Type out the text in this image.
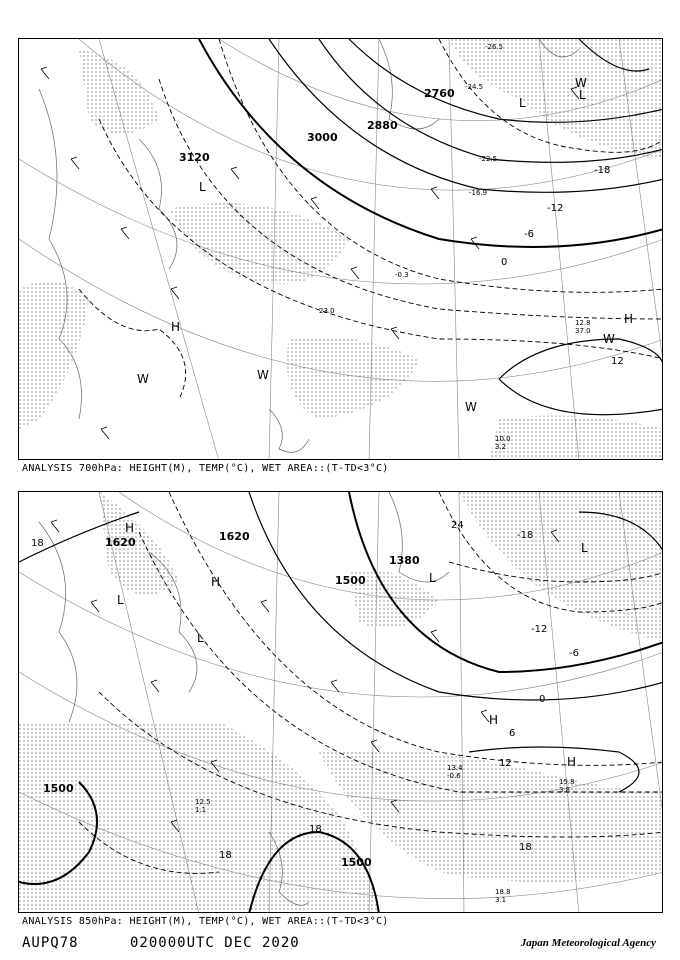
2760
2880
3000
3120
-18
-12
-6
0
12
L
L
L
H
H
W	W
W
W
W
10.0
3.2
12.8
37.0
-24.5
-22.5
-26.5
-16.9
23.0
-0.3
ANALYSIS 700hPa: HEIGHT(M), TEMP(°C), WET AREA::(T-TD<3°C)
1380
1500
1500
1500
1620	1620	-18
-12
-6
0
6
12
18
18
18
18
24
L
L
L
L
H
H
H
H
18.8
3.1
15.8
3.8
12.5
1.1
13.4
-0.6
ANALYSIS 850hPa: HEIGHT(M), TEMP(°C), WET AREA::(T-TD<3°C)
AUPQ78	020000UTC DEC 2020	Japan Meteorological Agency
